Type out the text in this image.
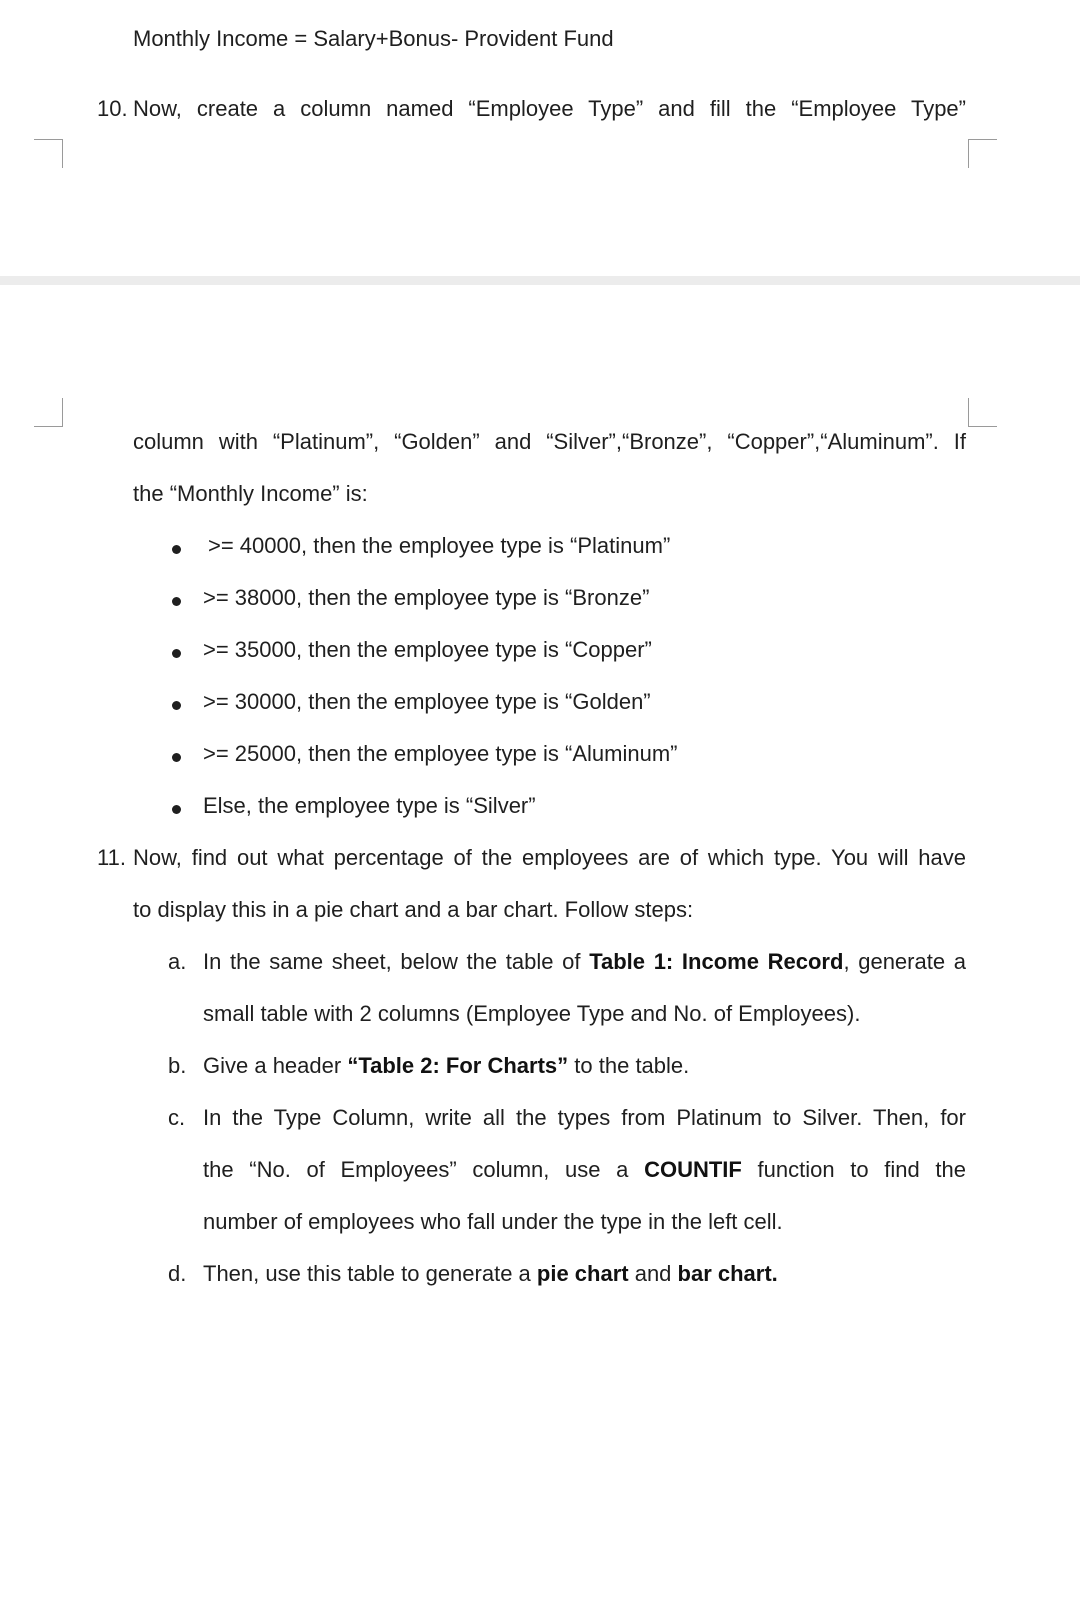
Monthly Income = Salary+Bonus- Provident Fund
10. Now, create a column named “Employee Type” and fill the “Employee Type”
column with “Platinum”, “Golden” and “Silver”,“Bronze”, “Copper”,“Aluminum”. If
the “Monthly Income” is:
>= 40000, then the employee type is “Platinum”
>= 38000, then the employee type is “Bronze”
>= 35000, then the employee type is “Copper”
>= 30000, then the employee type is “Golden”
>= 25000, then the employee type is “Aluminum”
Else, the employee type is “Silver”
11. Now, find out what percentage of the employees are of which type. You will have
to display this in a pie chart and a bar chart. Follow steps:
a. In the same sheet, below the table of Table 1: Income Record, generate a
small table with 2 columns (Employee Type and No. of Employees).
b. Give a header “Table 2: For Charts” to the table.
c. In the Type Column, write all the types from Platinum to Silver. Then, for
the “No. of Employees” column, use a COUNTIF function to find the
number of employees who fall under the type in the left cell.
d. Then, use this table to generate a pie chart and bar chart.
